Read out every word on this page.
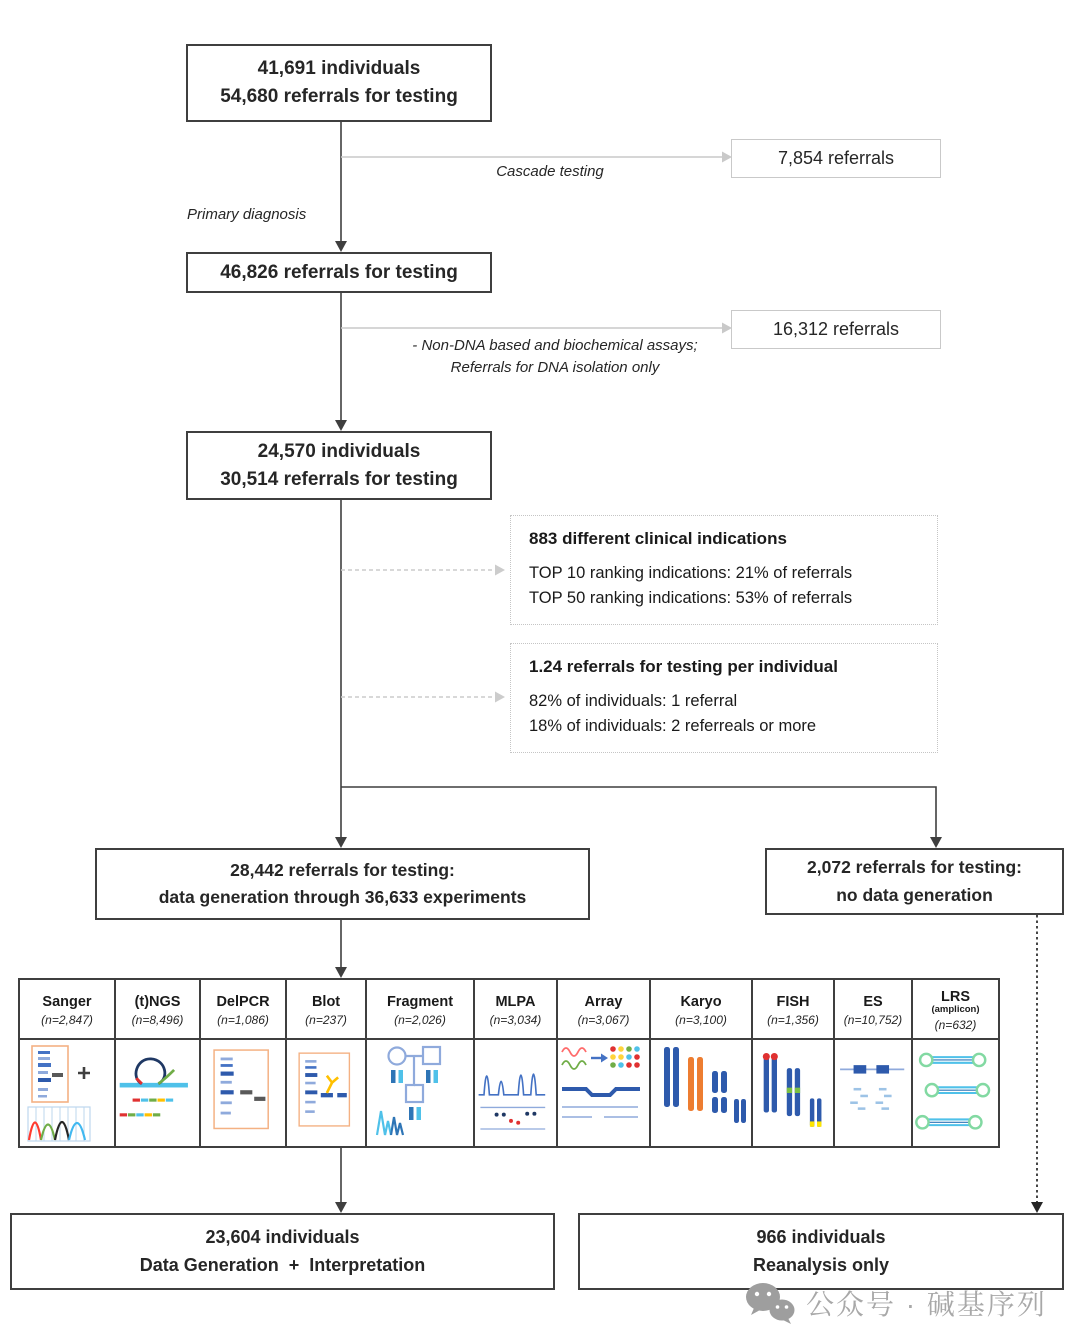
41,691 individuals
54,680 referrals for testing
7,854 referrals
Cascade testing
Primary diagnosis
46,826 referrals for testing
16,312 referrals
- Non-DNA based and biochemical assays;
Referrals for DNA isolation only
24,570 individuals
30,514 referrals for testing
883 different clinical indications
TOP 10 ranking indications: 21% of referrals
TOP 50 ranking indications: 53% of referrals
1.24 referrals for testing per individual
82% of individuals: 1 referral
18% of individuals: 2 referreals or more
28,442 referrals for testing:
data generation through 36,633 experiments
2,072 referrals for testing:
no data generation
Sanger
(n=2,847)
(t)NGS
(n=8,496)
DelPCR
(n=1,086)
Blot
(n=237)
Fragment
(n=2,026)
MLPA
(n=3,034)
Array
(n=3,067)
Karyo
(n=3,100)
FISH
(n=1,356)
ES
(n=10,752)
LRS
(amplicon)
(n=632)
23,604 individuals
Data Generation  +  Interpretation
966 individuals
Reanalysis only
公众号 · 碱基序列
